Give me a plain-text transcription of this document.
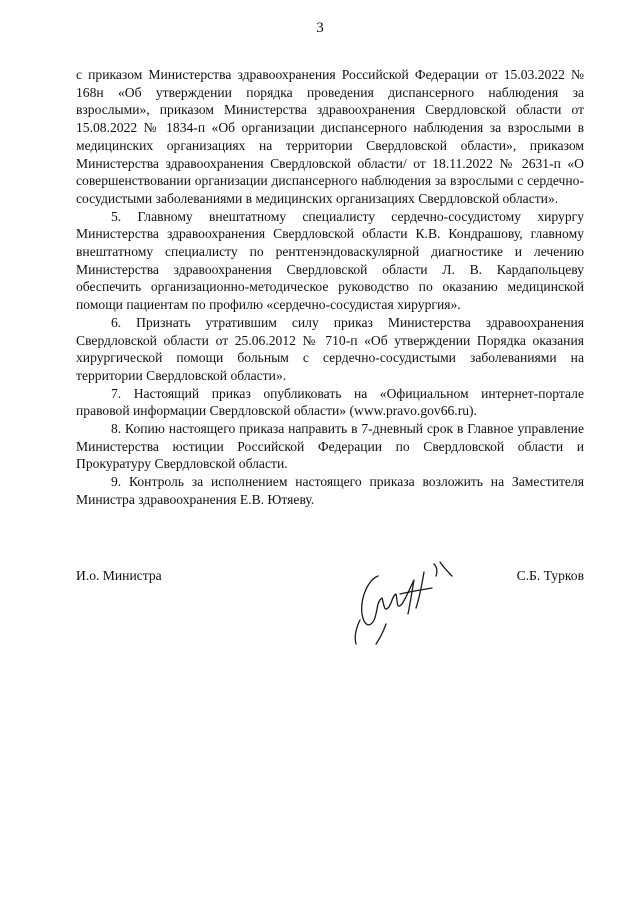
3

с приказом Министерства здравоохранения Российской Федерации от 15.03.2022 № 168н «Об утверждении порядка проведения диспансерного наблюдения за взрослыми», приказом Министерства здравоохранения Свердловской области от 15.08.2022 № 1834-п «Об организации диспансерного наблюдения за взрослыми в медицинских организациях на территории Свердловской области», приказом Министерства здравоохранения Свердловской области/ от 18.11.2022 № 2631-п «О совершенствовании организации диспансерного наблюдения за взрослыми с сердечно-сосудистыми заболеваниями в медицинских организациях Свердловской области».

5. Главному внештатному специалисту сердечно-сосудистому хирургу Министерства здравоохранения Свердловской области К.В. Кондрашову, главному внештатному специалисту по рентгенэндоваскулярной диагностике и лечению Министерства здравоохранения Свердловской области Л. В. Кардапольцеву обеспечить организационно-методическое руководство по оказанию медицинской помощи пациентам по профилю «сердечно-сосудистая хирургия».

6. Признать утратившим силу приказ Министерства здравоохранения Свердловской области от 25.06.2012 № 710-п «Об утверждении Порядка оказания хирургической помощи больным с сердечно-сосудистыми заболеваниями на территории Свердловской области».

7. Настоящий приказ опубликовать на «Официальном интернет-портале правовой информации Свердловской области» (www.pravo.gov66.ru).

8. Копию настоящего приказа направить в 7-дневный срок в Главное управление Министерства юстиции Российской Федерации по Свердловской области и Прокуратуру Свердловской области.

9. Контроль за исполнением настоящего приказа возложить на Заместителя Министра здравоохранения Е.В. Ютяеву.

И.о. Министра	С.Б. Турков
